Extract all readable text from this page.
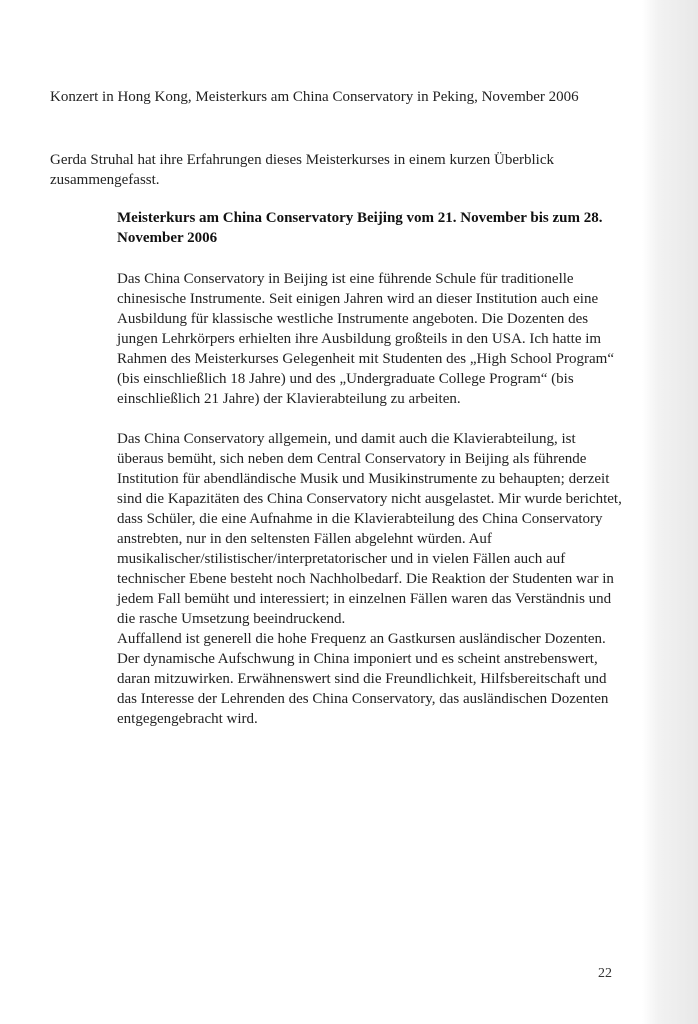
Konzert in Hong Kong, Meisterkurs am China Conservatory in Peking, November 2006

Gerda Struhal hat ihre Erfahrungen dieses Meisterkurses in einem kurzen Überblick zusammengefasst.

Meisterkurs am China Conservatory Beijing vom 21. November bis zum 28. November 2006

Das China Conservatory in Beijing ist eine führende Schule für traditionelle chinesische Instrumente. Seit einigen Jahren wird an dieser Institution auch eine Ausbildung für klassische westliche Instrumente angeboten. Die Dozenten des jungen Lehrkörpers erhielten ihre Ausbildung großteils in den USA. Ich hatte im Rahmen des Meisterkurses Gelegenheit mit Studenten des „High School Program“ (bis einschließlich 18 Jahre) und des „Undergraduate College Program“ (bis einschließlich 21 Jahre) der Klavierabteilung zu arbeiten.

Das China Conservatory allgemein, und damit auch die Klavierabteilung, ist überaus bemüht, sich neben dem Central Conservatory in Beijing als führende Institution für abendländische Musik und Musikinstrumente zu behaupten; derzeit sind die Kapazitäten des China Conservatory nicht ausgelastet. Mir wurde berichtet, dass Schüler, die eine Aufnahme in die Klavierabteilung des China Conservatory anstrebten, nur in den seltensten Fällen abgelehnt würden. Auf musikalischer/stilistischer/interpretatorischer und in vielen Fällen auch auf technischer Ebene besteht noch Nachholbedarf. Die Reaktion der Studenten war in jedem Fall bemüht und interessiert; in einzelnen Fällen waren das Verständnis und die rasche Umsetzung beeindruckend.
Auffallend ist generell die hohe Frequenz an Gastkursen ausländischer Dozenten.
Der dynamische Aufschwung in China imponiert und es scheint anstrebenswert, daran mitzuwirken. Erwähnenswert sind die Freundlichkeit, Hilfsbereitschaft und das Interesse der Lehrenden des China Conservatory, das ausländischen Dozenten entgegengebracht wird.
22
